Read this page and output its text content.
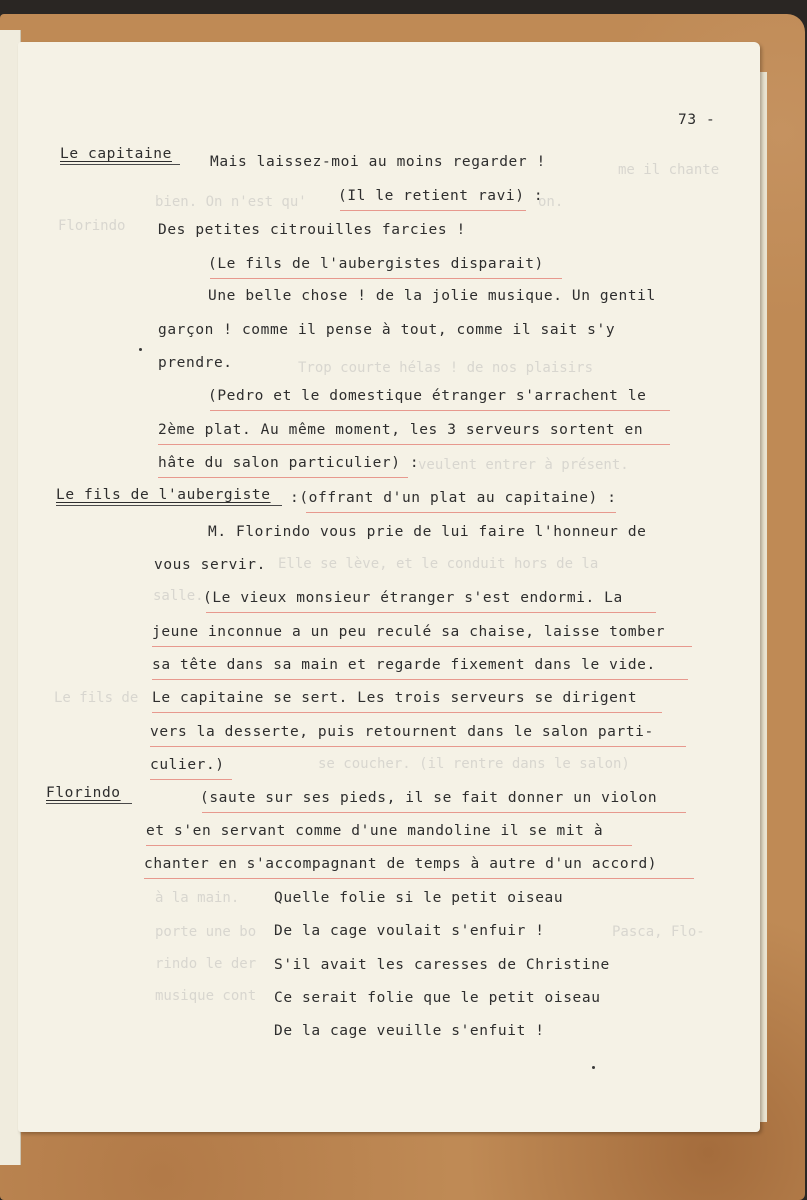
me il chante
bien. On n'est qu'	on.
Florindo
Trop courte hélas ! de nos plaisirs
veulent entrer à présent.
Elle se lève, et le conduit hors de la
salle.
Le fils de
se coucher. (il rentre dans le salon)
à la main.
porte une bo	Pasca, Flo-
rindo le der
musique cont
73 -
Le capitaine	Mais laissez-moi au moins regarder !
(Il le retient ravi) :
Des petites citrouilles farcies !
(Le fils de l'aubergistes disparait)
Une belle chose ! de la jolie musique. Un gentil
garçon ! comme il pense à tout, comme il sait s'y
prendre.
(Pedro et le domestique étranger s'arrachent le
2ème plat. Au même moment, les 3 serveurs sortent en
hâte du salon particulier) :
Le fils de l'aubergiste :(offrant d'un plat au capitaine) :
M. Florindo vous prie de lui faire l'honneur de
vous servir.
(Le vieux monsieur étranger s'est endormi. La
jeune inconnue a un peu reculé sa chaise, laisse tomber
sa tête dans sa main et regarde fixement dans le vide.
Le capitaine se sert. Les trois serveurs se dirigent
vers la desserte, puis retournent dans le salon parti-
culier.)
Florindo	(saute sur ses pieds, il se fait donner un violon
et s'en servant comme d'une mandoline il se mit à
chanter en s'accompagnant de temps à autre d'un accord)
Quelle folie si le petit oiseau
De la cage voulait s'enfuir !
S'il avait les caresses de Christine
Ce serait folie que le petit oiseau
De la cage veuille s'enfuit !
